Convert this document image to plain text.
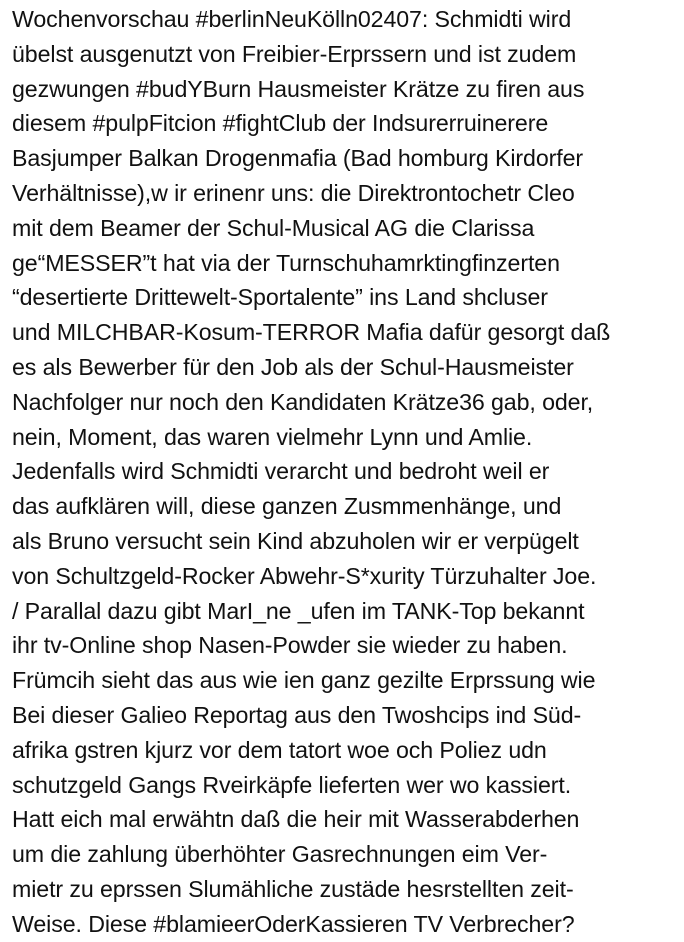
Wochenvorschau #berlinNeuKölln02407: Schmidti wird
übelst ausgenutzt von Freibier-Erprssern und ist zudem
gezwungen #budYBurn Hausmeister Krätze zu firen aus
diesem #pulpFitcion #fightClub der Indsurerruinerere
Basjumper Balkan Drogenmafia (Bad homburg Kirdorfer
Verhältnisse),w ir erinenr uns: die Direktrontochetr Cleo
mit dem Beamer der Schul-Musical AG die Clarissa
ge“MESSER”t hat via der Turnschuhamrktingfinzerten
“desertierte Drittewelt-Sportalente” ins Land shcluser
und MILCHBAR-Kosum-TERROR Mafia dafür gesorgt daß
es als Bewerber für den Job als der Schul-Hausmeister
Nachfolger nur noch den Kandidaten Krätze36 gab, oder,
nein, Moment, das waren vielmehr Lynn und Amlie.
Jedenfalls wird Schmidti verarcht und bedroht weil er
das aufklären will, diese ganzen Zusmmenhänge, und
als Bruno versucht sein Kind abzuholen wir er verpügelt
von Schultzgeld-Rocker Abwehr-S*xurity Türzuhalter Joe.
/ Parallal dazu gibt MarI_ne _ufen im TANK-Top bekannt
ihr tv-Online shop Nasen-Powder sie wieder zu haben.
Frümcih sieht das aus wie ien ganz gezilte Erprssung wie
Bei dieser Galieo Reportag aus den Twoshcips ind Süd-
afrika gstren kjurz vor dem tatort woe och Poliez udn
schutzgeld Gangs Rveirkäpfe lieferten wer wo kassiert.
Hatt eich mal erwähtn daß die heir mit Wasserabderhen
um die zahlung überhöhter Gasrechnungen eim Ver-
mietr zu eprssen Slumähliche zustäde hesrstellten zeit-
Weise. Diese #blamieerOderKassieren TV Verbrecher?
